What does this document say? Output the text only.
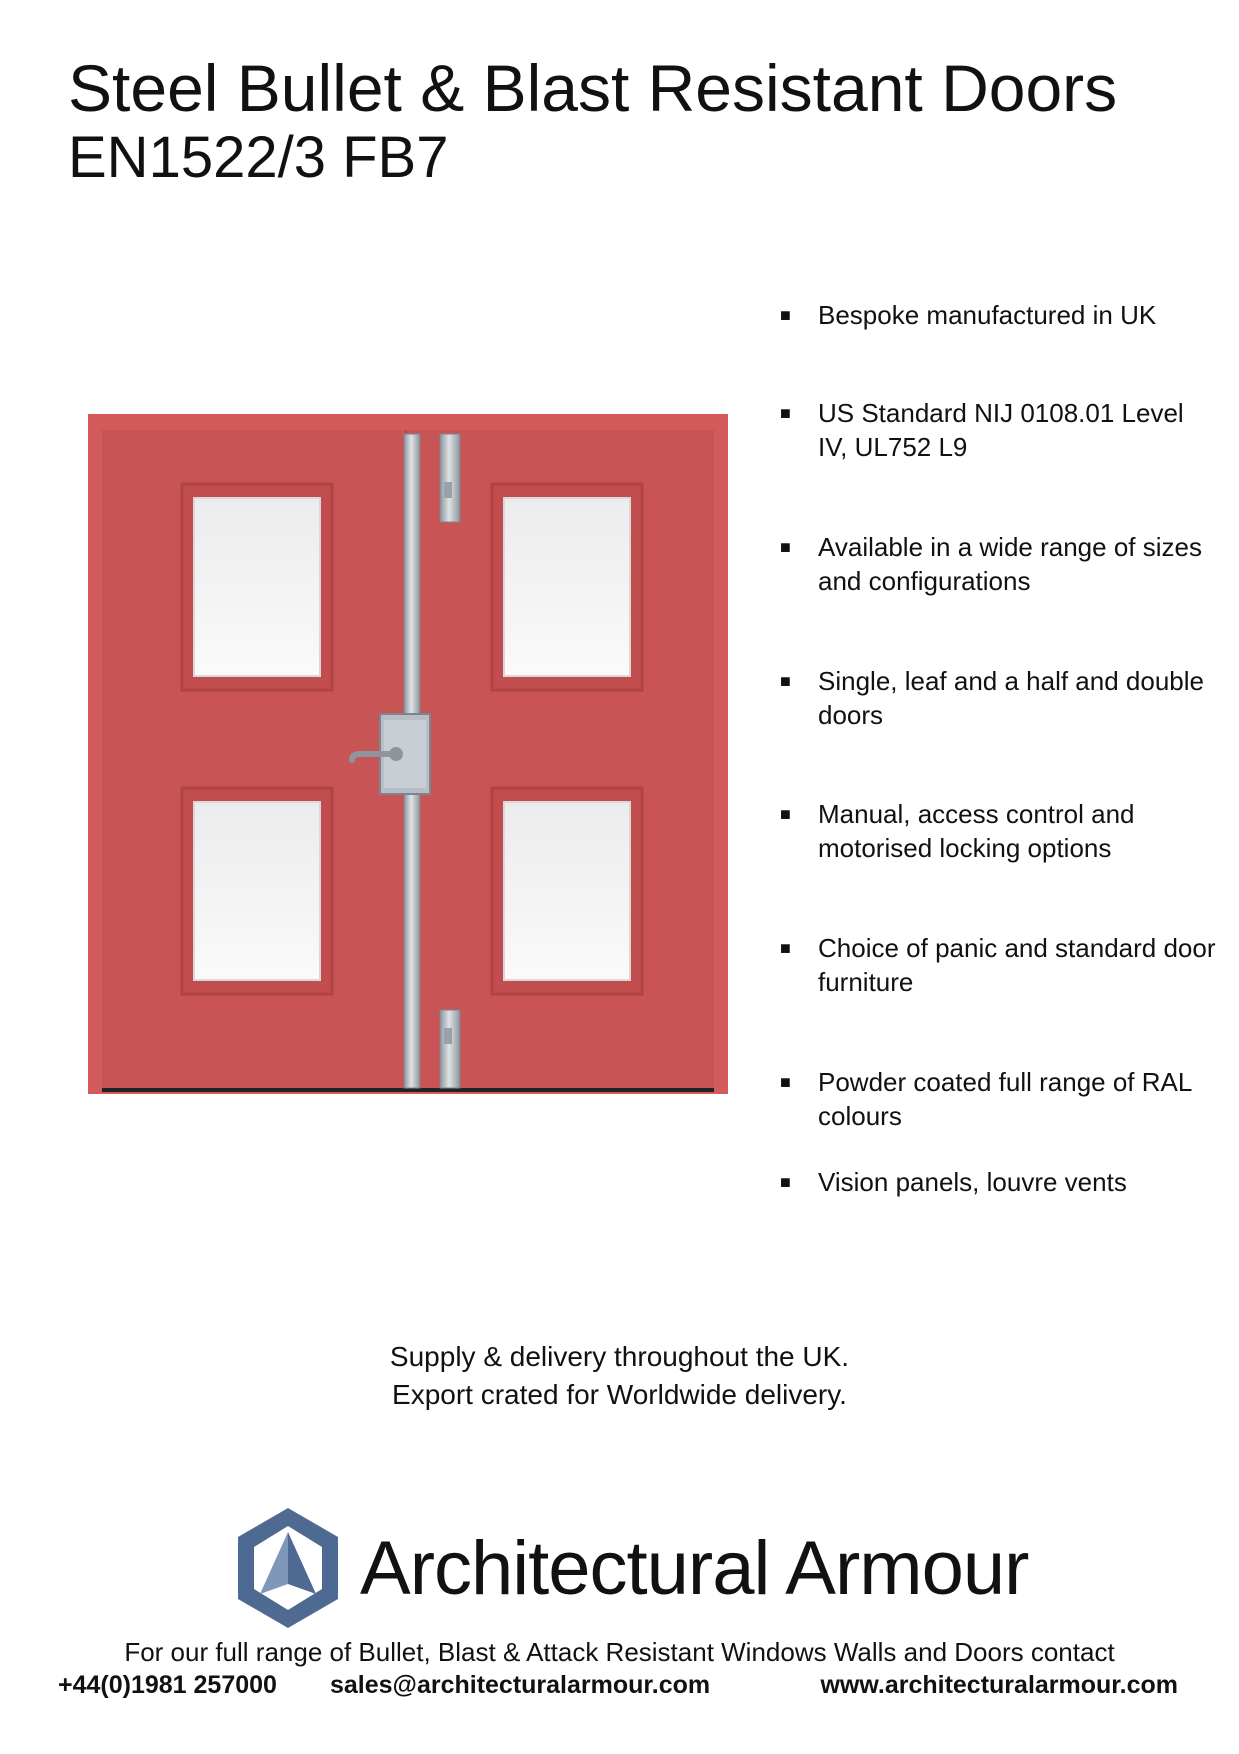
Steel Bullet & Blast Resistant Doors
EN1522/3 FB7
■ Bespoke manufactured in UK
■ US Standard NIJ 0108.01 Level IV, UL752 L9
■ Available in a wide range of sizes and configurations
■ Single, leaf and a half and double doors
■ Manual, access control and motorised locking options
■ Choice of panic and standard door furniture
■ Powder coated full range of RAL colours
■ Vision panels, louvre vents
Supply & delivery throughout the UK.
Export crated for Worldwide delivery.
Architectural Armour
For our full range of Bullet, Blast & Attack Resistant Windows Walls and Doors contact
+44(0)1981 257000 sales@architecturalarmour.com	www.architecturalarmour.com
